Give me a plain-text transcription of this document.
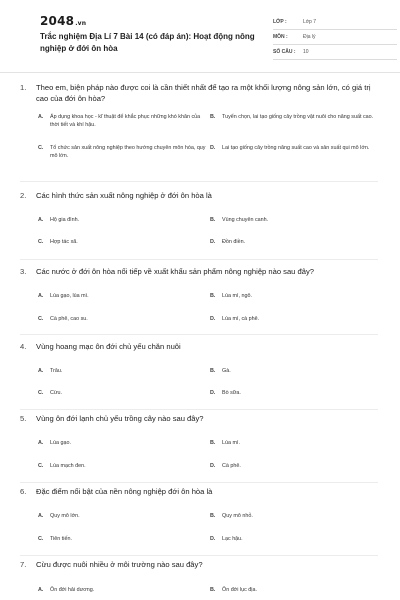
2048.vn
Trắc nghiệm Địa Lí 7 Bài 14 (có đáp án): Hoạt động nông nghiệp ở đới ôn hòa
LỚP :	Lớp 7
MÔN :	Địa lý
SỐ CÂU :	10
1.	Theo em, biện pháp nào được coi là cần thiết nhất để tạo ra một khối lượng nông sản lớn, có giá trị cao của đới ôn hòa?
A.	Áp dụng khoa học - kĩ thuật để khắc phục những khó khăn của thời tiết và khí hậu.
B.	Tuyển chọn, lai tạo giống cây trồng vật nuôi cho năng suất cao.
C.	Tổ chức sản xuất nông nghiệp theo hướng chuyên môn hóa, quy mô lớn.
D.	Lai tạo giống cây trồng năng suất cao và sản xuất qui mô lớn.
2.	Các hình thức sản xuất nông nghiệp ở đới ôn hòa là
A.	Hộ gia đình.	B.	Vùng chuyên canh.
C.	Hợp tác xã.	D.	Đồn điền.
3.	Các nước ở đới ôn hòa nổi tiếp về xuất khẩu sản phẩm nông nghiệp nào sau đây?
A.	Lúa gạo, lúa mì.	B.	Lúa mì, ngô.
C.	Cà phê, cao su.	D.	Lúa mì, cà phê.
4.	Vùng hoang mạc ôn đới chủ yếu chăn nuôi
A.	Trâu.	B.	Gà.
C.	Cừu.	D.	Bò sữa.
5.	Vùng ôn đới lạnh chủ yếu trồng cây nào sau đây?
A.	Lúa gạo.	B.	Lúa mì.
C.	Lúa mạch đen.	D.	Cà phê.
6.	Đặc điểm nổi bật của nền nông nghiệp đới ôn hòa là
A.	Quy mô lớn.	B.	Quy mô nhỏ.
C.	Tiên tiến.	D.	Lạc hậu.
7.	Cừu được nuôi nhiều ở môi trường nào sau đây?
A.	Ôn đới hải dương.	B.	Ôn đới lục địa.
